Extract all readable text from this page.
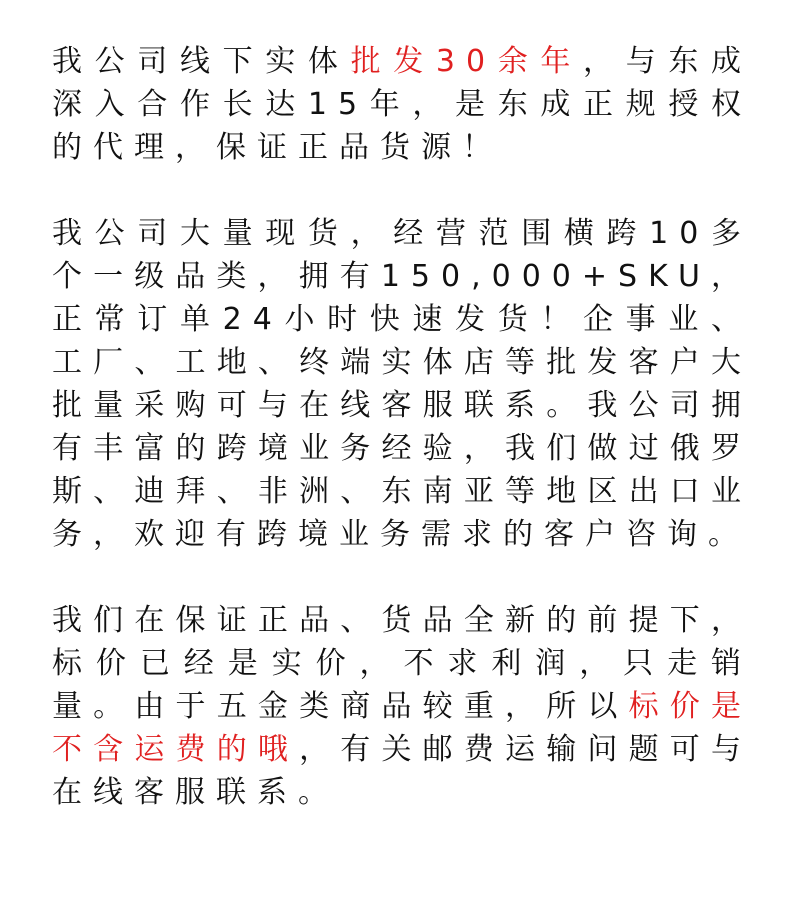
我公司线下实体批发30余年，与东成深入合作长达15年，是东成正规授权的代理，保证正品货源！

我公司大量现货，经营范围横跨10多个一级品类，拥有150,000+SKU，正常订单24小时快速发货！企事业、工厂、工地、终端实体店等批发客户大批量采购可与在线客服联系。我公司拥有丰富的跨境业务经验，我们做过俄罗斯、迪拜、非洲、东南亚等地区出口业务，欢迎有跨境业务需求的客户咨询。

我们在保证正品、货品全新的前提下，标价已经是实价，不求利润，只走销量。由于五金类商品较重，所以标价是不含运费的哦，有关邮费运输问题可与在线客服联系。
